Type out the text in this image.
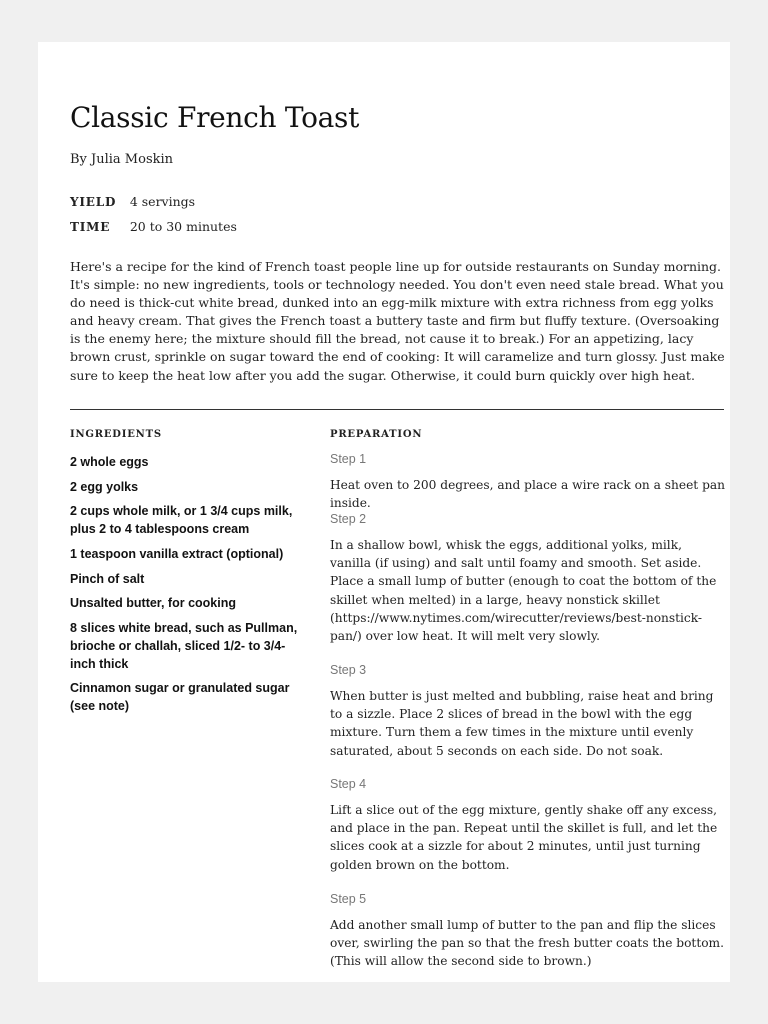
Classic French Toast
By Julia Moskin
YIELD 4 servings
TIME 20 to 30 minutes

Here's a recipe for the kind of French toast people line up for outside restaurants on Sunday morning. It's simple: no new ingredients, tools or technology needed. You don't even need stale bread. What you do need is thick-cut white bread, dunked into an egg-milk mixture with extra richness from egg yolks and heavy cream. That gives the French toast a buttery taste and firm but fluffy texture. (Oversoaking is the enemy here; the mixture should fill the bread, not cause it to break.) For an appetizing, lacy brown crust, sprinkle on sugar toward the end of cooking: It will caramelize and turn glossy. Just make sure to keep the heat low after you add the sugar. Otherwise, it could burn quickly over high heat.

INGREDIENTS

2 whole eggs

2 egg yolks

2 cups whole milk, or 1 3/4 cups milk, plus 2 to 4 tablespoons cream

1 teaspoon vanilla extract (optional)

Pinch of salt

Unsalted butter, for cooking

8 slices white bread, such as Pullman, brioche or challah, sliced 1/2- to 3/4-inch thick

Cinnamon sugar or granulated sugar (see note)

PREPARATION
Step 1

Heat oven to 200 degrees, and place a wire rack on a sheet pan inside.

Step 2

In a shallow bowl, whisk the eggs, additional yolks, milk, vanilla (if using) and salt until foamy and smooth. Set aside. Place a small lump of butter (enough to coat the bottom of the skillet when melted) in a large, heavy nonstick skillet (https://www.nytimes.com/wirecutter/reviews/best-nonstick-pan/) over low heat. It will melt very slowly.

Step 3

When butter is just melted and bubbling, raise heat and bring to a sizzle. Place 2 slices of bread in the bowl with the egg mixture. Turn them a few times in the mixture until evenly saturated, about 5 seconds on each side. Do not soak.

Step 4

Lift a slice out of the egg mixture, gently shake off any excess, and place in the pan. Repeat until the skillet is full, and let the slices cook at a sizzle for about 2 minutes, until just turning golden brown on the bottom.

Step 5

Add another small lump of butter to the pan and flip the slices over, swirling the pan so that the fresh butter coats the bottom. (This will allow the second side to brown.)
